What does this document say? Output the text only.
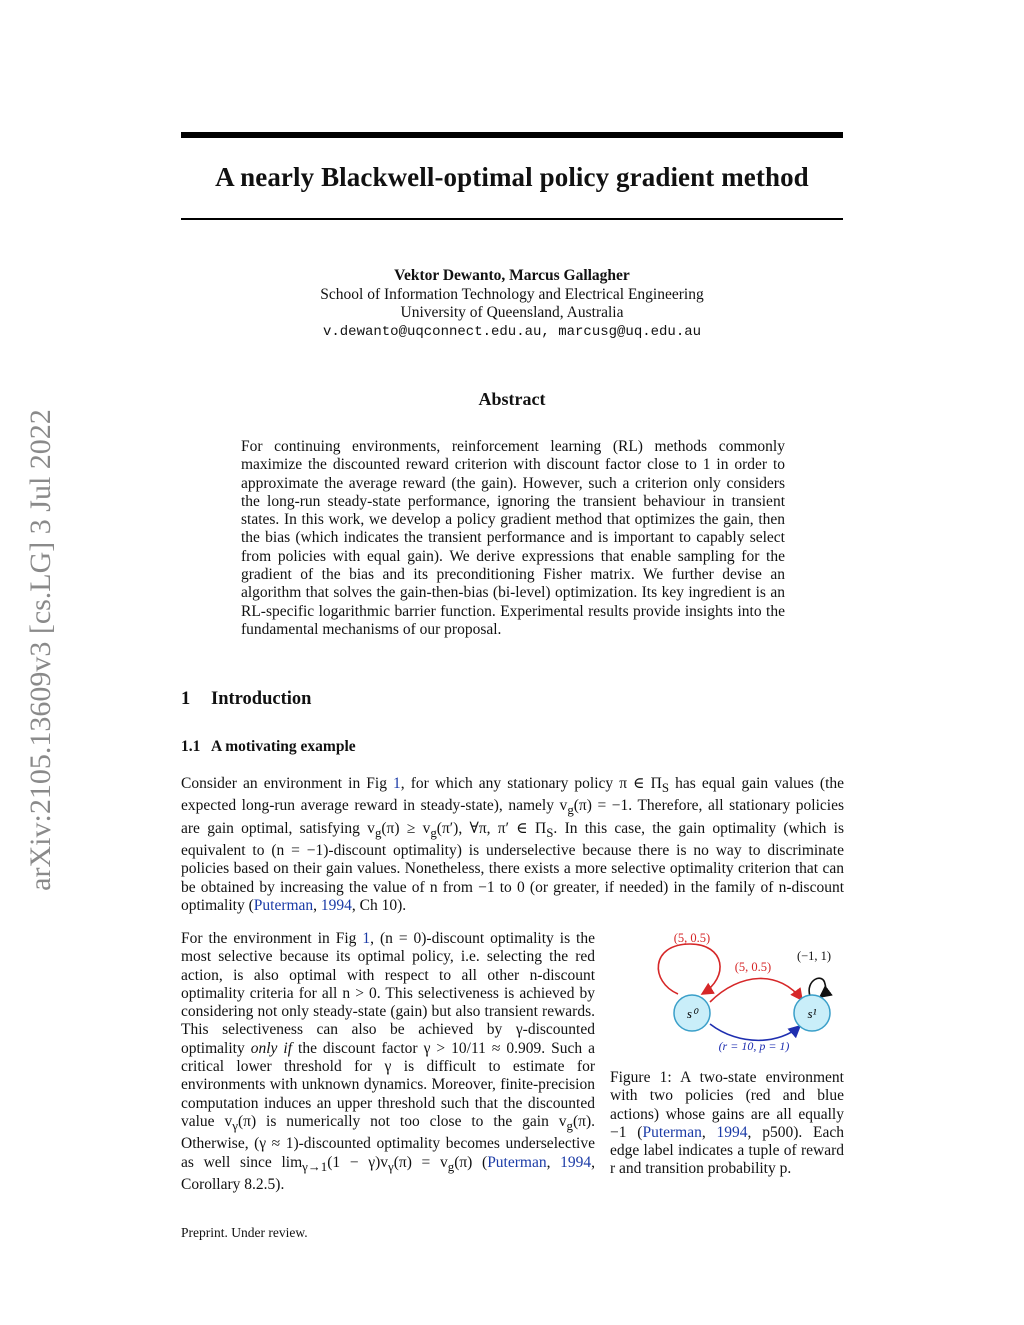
arXiv:2105.13609v3 [cs.LG] 3 Jul 2022
A nearly Blackwell-optimal policy gradient method
Vektor Dewanto, Marcus Gallagher
School of Information Technology and Electrical Engineering
University of Queensland, Australia
v.dewanto@uqconnect.edu.au, marcusg@uq.edu.au
Abstract
For continuing environments, reinforcement learning (RL) methods commonly maximize the discounted reward criterion with discount factor close to 1 in order to approximate the average reward (the gain). However, such a criterion only considers the long-run steady-state performance, ignoring the transient behaviour in transient states. In this work, we develop a policy gradient method that optimizes the gain, then the bias (which indicates the transient performance and is important to capably select from policies with equal gain). We derive expressions that enable sampling for the gradient of the bias and its preconditioning Fisher matrix. We further devise an algorithm that solves the gain-then-bias (bi-level) optimization. Its key ingredient is an RL-specific logarithmic barrier function. Experimental results provide insights into the fundamental mechanisms of our proposal.
1 Introduction
1.1 A motivating example
Consider an environment in Fig 1, for which any stationary policy π ∈ $\Pi_S$ has equal gain values (the expected long-run average reward in steady-state), namely $v_g(\pi) = -1$. Therefore, all stationary policies are gain optimal, satisfying $v_g(\pi) \ge v_g(\pi')$, ∀π, π′ ∈ $\Pi_S$. In this case, the gain optimality (which is equivalent to (n = −1)-discount optimality) is underselective because there is no way to discriminate policies based on their gain values. Nonetheless, there exists a more selective optimality criterion that can be obtained by increasing the value of n from −1 to 0 (or greater, if needed) in the family of n-discount optimality (Puterman, 1994, Ch 10).
For the environment in Fig 1, (n = 0)-discount optimality is the most selective because its optimal policy, i.e. selecting the red action, is also optimal with respect to all other n-discount optimality criteria for all n > 0. This selectiveness is achieved by considering not only steady-state (gain) but also transient rewards. This selectiveness can also be achieved by γ-discounted optimality only if the discount factor γ > 10/11 ≈ 0.909. Such a critical lower threshold for γ is difficult to estimate for environments with unknown dynamics. Moreover, finite-precision computation induces an upper threshold such that the discounted value $v_\gamma(\pi)$ is numerically not too close to the gain $v_g(\pi)$. Otherwise, (γ ≈ 1)-discounted optimality becomes underselective as well since $\lim_{\gamma\to 1}(1 - \gamma)v_\gamma(\pi) = v_g(\pi)$ (Puterman, 1994, Corollary 8.2.5).
s⁰	s¹
(5, 0.5)
(5, 0.5)
(−1, 1)
(r = 10, p = 1)
Figure 1: A two-state environment with two policies (red and blue actions) whose gains are all equally −1 (Puterman, 1994, p500). Each edge label indicates a tuple of reward r and transition probability p.
Preprint. Under review.
